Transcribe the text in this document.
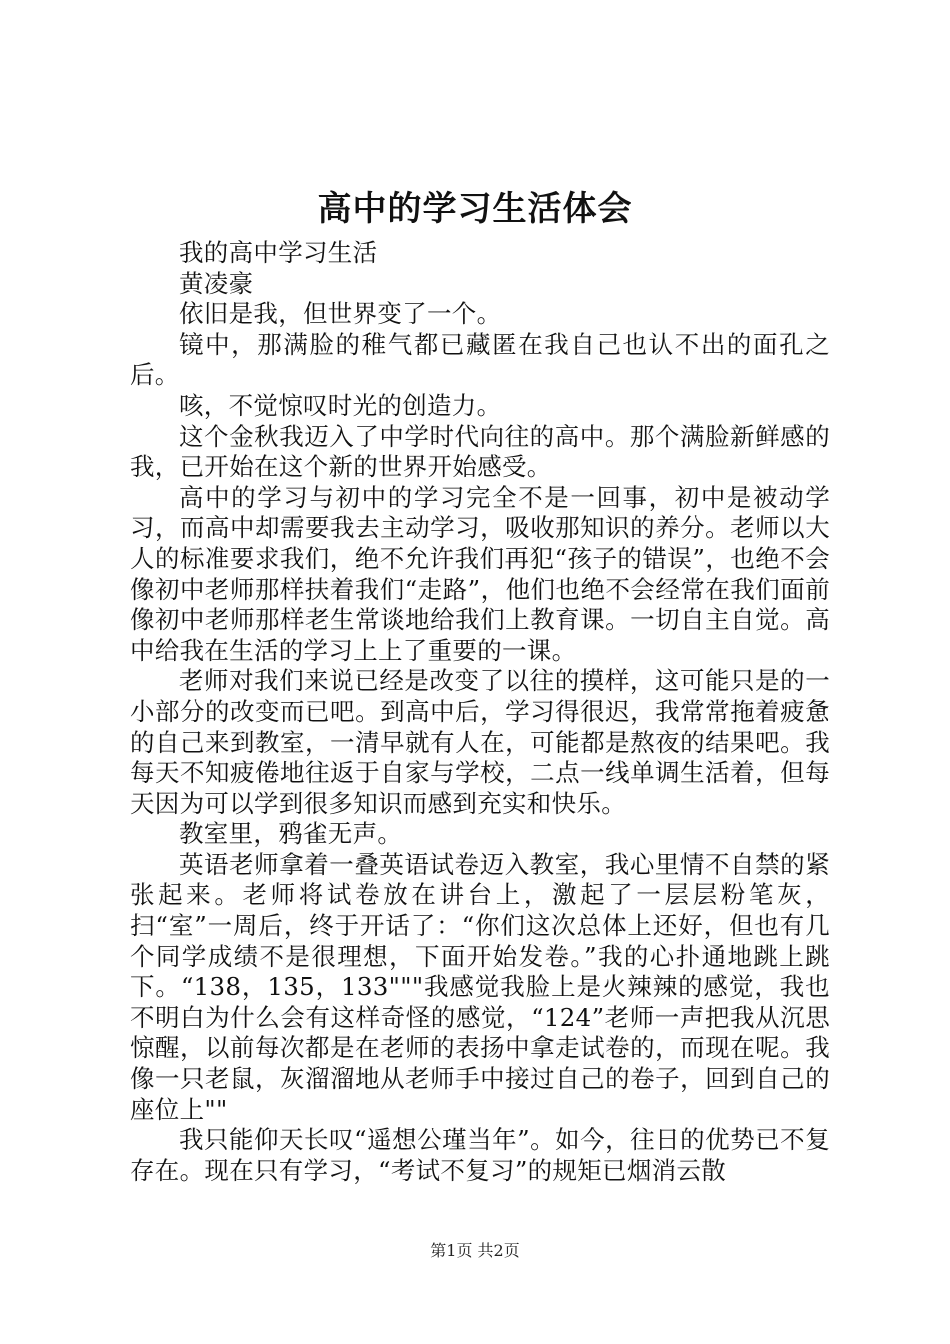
高中的学习生活体会

我的高中学习生活

黄凌豪

依旧是我，但世界变了一个。

镜中，那满脸的稚气都已藏匿在我自己也认不出的面孔之后。

咳，不觉惊叹时光的创造力。

这个金秋我迈入了中学时代向往的高中。那个满脸新鲜感的我，已开始在这个新的世界开始感受。

高中的学习与初中的学习完全不是一回事，初中是被动学习，而高中却需要我去主动学习，吸收那知识的养分。老师以大人的标准要求我们，绝不允许我们再犯“孩子的错误”，也绝不会像初中老师那样扶着我们“走路”，他们也绝不会经常在我们面前像初中老师那样老生常谈地给我们上教育课。一切自主自觉。高中给我在生活的学习上上了重要的一课。

老师对我们来说已经是改变了以往的摸样，这可能只是的一小部分的改变而已吧。到高中后，学习得很迟，我常常拖着疲惫的自己来到教室，一清早就有人在，可能都是熬夜的结果吧。我每天不知疲倦地往返于自家与学校，二点一线单调生活着，但每天因为可以学到很多知识而感到充实和快乐。

教室里，鸦雀无声。

英语老师拿着一叠英语试卷迈入教室，我心里情不自禁的紧张起来。老师将试卷放在讲台上，激起了一层层粉笔灰，扫“室”一周后，终于开话了：“你们这次总体上还好，但也有几个同学成绩不是很理想，下面开始发卷。”我的心扑通地跳上跳下。“138，135，133"""我感觉我脸上是火辣辣的感觉，我也不明白为什么会有这样奇怪的感觉，“124”老师一声把我从沉思惊醒，以前每次都是在老师的表扬中拿走试卷的，而现在呢。我像一只老鼠，灰溜溜地从老师手中接过自己的卷子，回到自己的座位上""

我只能仰天长叹“遥想公瑾当年”。如今，往日的优势已不复存在。现在只有学习，“考试不复习”的规矩已烟消云散

第1页 共2页
